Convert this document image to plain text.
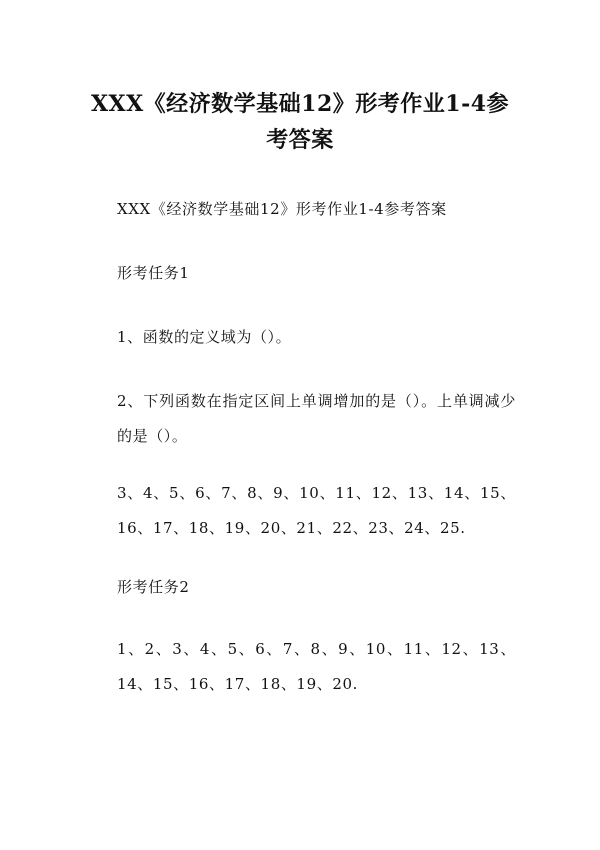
XXX《经济数学基础12》形考作业1-4参
考答案
XXX《经济数学基础12》形考作业1-4参考答案
形考任务1
1、函数的定义域为（）。
2、下列函数在指定区间上单调增加的是（）。上单调减少的是（）。
3、4、5、6、7、8、9、10、11、12、13、14、15、16、17、18、19、20、21、22、23、24、25.
形考任务2
1、2、3、4、5、6、7、8、9、10、11、12、13、14、15、16、17、18、19、20.
